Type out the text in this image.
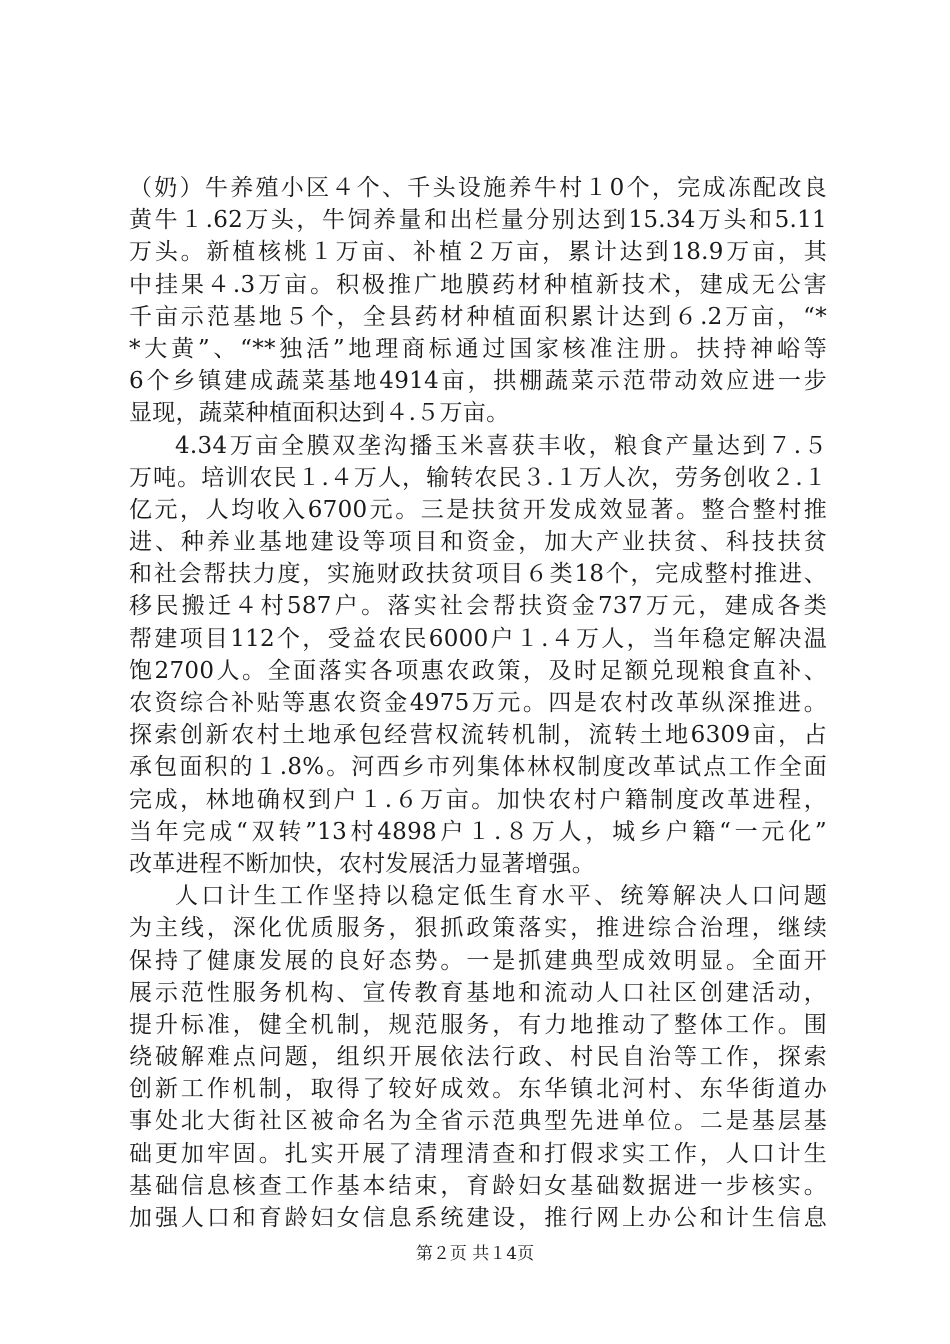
（奶）牛养殖小区４个、千头设施养牛村１0个，完成冻配改良
黄牛１.62万头，牛饲养量和出栏量分别达到15.34万头和5.11
万头。新植核桃１万亩、补植２万亩，累计达到18.9万亩，其
中挂果４.3万亩。积极推广地膜药材种植新技术，建成无公害
千亩示范基地５个，全县药材种植面积累计达到６.2万亩，“*
*大黄”、“**独活”地理商标通过国家核准注册。扶持神峪等
6个乡镇建成蔬菜基地4914亩，拱棚蔬菜示范带动效应进一步
显现，蔬菜种植面积达到４.５万亩。
4.34万亩全膜双垄沟播玉米喜获丰收，粮食产量达到７.５
万吨。培训农民１.４万人，输转农民３.１万人次，劳务创收２.１
亿元，人均收入6700元。三是扶贫开发成效显著。整合整村推
进、种养业基地建设等项目和资金，加大产业扶贫、科技扶贫
和社会帮扶力度，实施财政扶贫项目６类18个，完成整村推进、
移民搬迁４村587户。落实社会帮扶资金737万元，建成各类
帮建项目112个，受益农民6000户１.４万人，当年稳定解决温
饱2700人。全面落实各项惠农政策，及时足额兑现粮食直补、
农资综合补贴等惠农资金4975万元。四是农村改革纵深推进。
探索创新农村土地承包经营权流转机制，流转土地6309亩，占
承包面积的１.8%。河西乡市列集体林权制度改革试点工作全面
完成，林地确权到户１.６万亩。加快农村户籍制度改革进程，
当年完成“双转”13村4898户１.８万人，城乡户籍“一元化”
改革进程不断加快，农村发展活力显著增强。
人口计生工作坚持以稳定低生育水平、统筹解决人口问题
为主线，深化优质服务，狠抓政策落实，推进综合治理，继续
保持了健康发展的良好态势。一是抓建典型成效明显。全面开
展示范性服务机构、宣传教育基地和流动人口社区创建活动，
提升标准，健全机制，规范服务，有力地推动了整体工作。围
绕破解难点问题，组织开展依法行政、村民自治等工作，探索
创新工作机制，取得了较好成效。东华镇北河村、东华街道办
事处北大街社区被命名为全省示范典型先进单位。二是基层基
础更加牢固。扎实开展了清理清查和打假求实工作，人口计生
基础信息核查工作基本结束，育龄妇女基础数据进一步核实。
加强人口和育龄妇女信息系统建设，推行网上办公和计生信息
第２页 共１4页
